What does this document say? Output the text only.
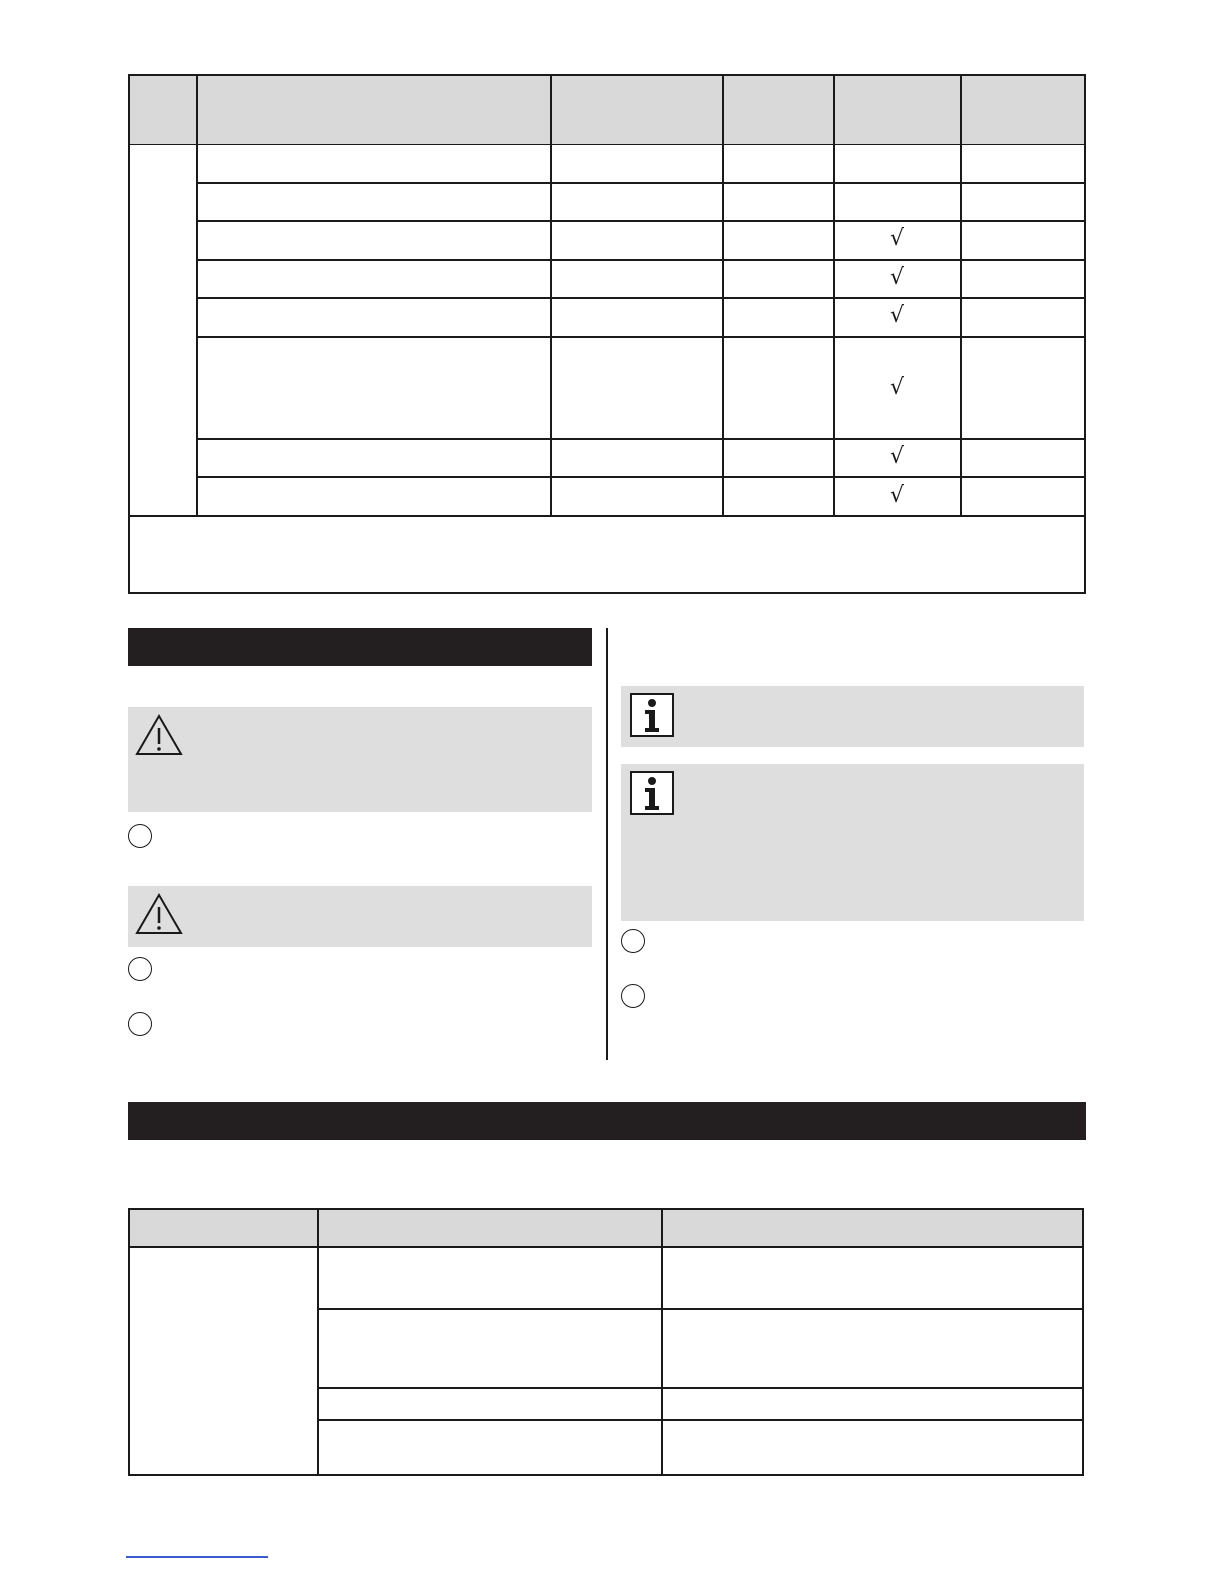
√
√
√
√
√
√
